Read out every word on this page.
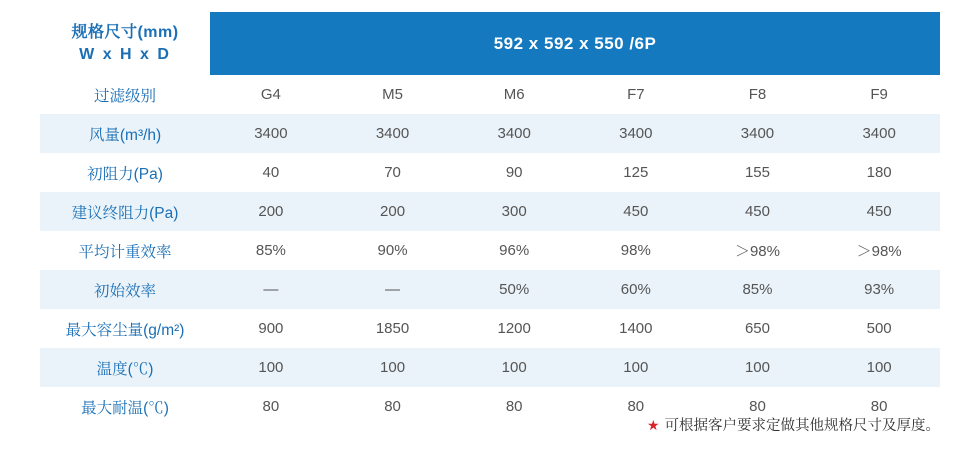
规格尺寸(mm)
W x H x D	592 x 592 x 550 /6P					
过滤级别	G4	M5	M6	F7	F8	F9
风量(m³/h)	3400	3400	3400	3400	3400	3400
初阻力(Pa)	40	70	90	125	155	180
建议终阻力(Pa)	200	200	300	450	450	450
平均计重效率	85%	90%	96%	98%	＞98%	＞98%
初始效率	—	—	50%	60%	85%	93%
最大容尘量(g/m²)	900	1850	1200	1400	650	500
温度(℃)	100	100	100	100	100	100
最大耐温(℃)	80	80	80	80	80	80
★ 可根据客户要求定做其他规格尺寸及厚度。
